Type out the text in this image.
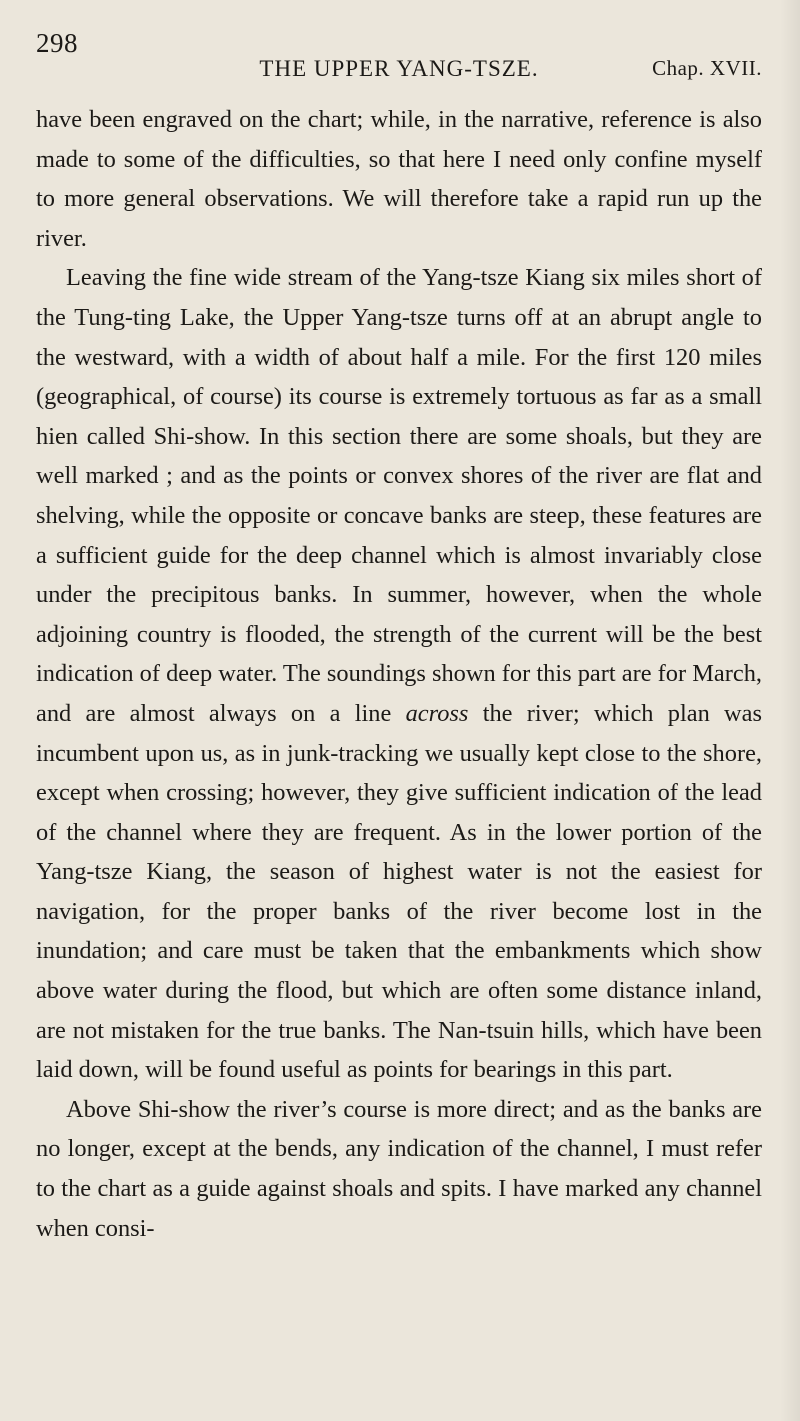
298
THE UPPER YANG-TSZE.	Chap. XVII.

have been engraved on the chart; while, in the narrative, reference is also made to some of the difficulties, so that here I need only confine myself to more general observations. We will therefore take a rapid run up the river.

Leaving the fine wide stream of the Yang-tsze Kiang six miles short of the Tung-ting Lake, the Upper Yang-tsze turns off at an abrupt angle to the westward, with a width of about half a mile. For the first 120 miles (geographical, of course) its course is extremely tortuous as far as a small hien called Shi-show. In this section there are some shoals, but they are well marked ; and as the points or convex shores of the river are flat and shelving, while the opposite or concave banks are steep, these features are a sufficient guide for the deep channel which is almost invariably close under the precipitous banks. In summer, however, when the whole adjoining country is flooded, the strength of the current will be the best indication of deep water. The soundings shown for this part are for March, and are almost always on a line across the river; which plan was incumbent upon us, as in junk-tracking we usually kept close to the shore, except when crossing; however, they give sufficient indication of the lead of the channel where they are frequent. As in the lower portion of the Yang-tsze Kiang, the season of highest water is not the easiest for navigation, for the proper banks of the river become lost in the inundation; and care must be taken that the embankments which show above water during the flood, but which are often some distance inland, are not mistaken for the true banks. The Nan-tsuin hills, which have been laid down, will be found useful as points for bearings in this part.

Above Shi-show the river’s course is more direct; and as the banks are no longer, except at the bends, any indication of the channel, I must refer to the chart as a guide against shoals and spits. I have marked any channel when consi-
